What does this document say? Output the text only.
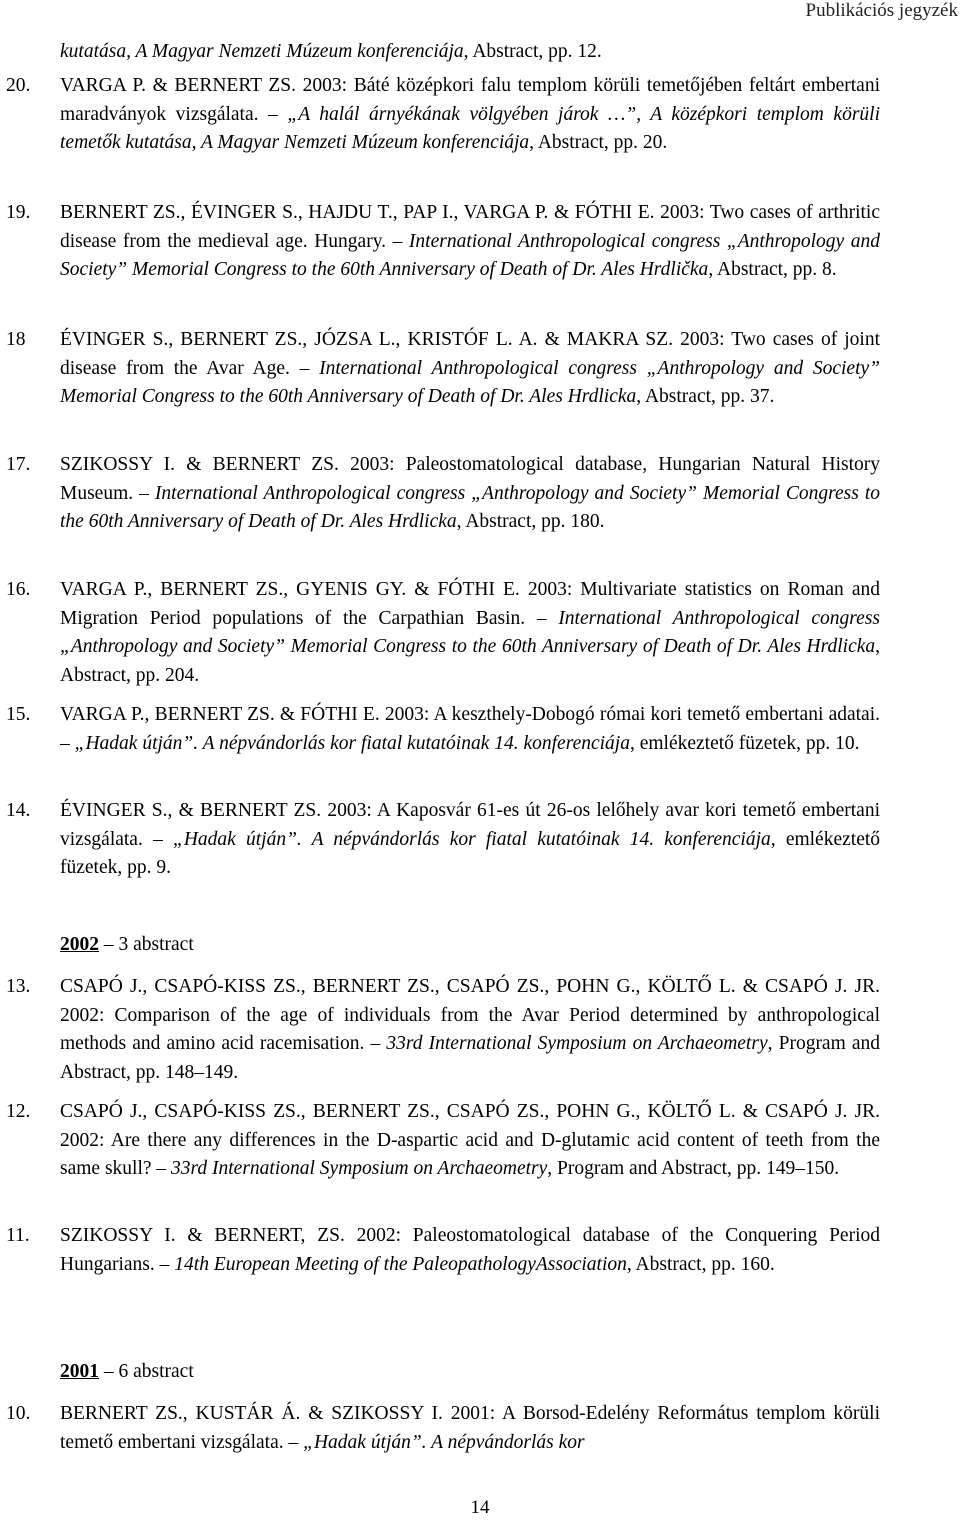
Publikációs jegyzék
kutatása, A Magyar Nemzeti Múzeum konferenciája, Abstract, pp. 12.
20.	VARGA P. & BERNERT ZS. 2003: Báté középkori falu templom körüli temetőjében feltárt embertani maradványok vizsgálata. – „A halál árnyékának völgyében járok …”, A középkori templom körüli temetők kutatása, A Magyar Nemzeti Múzeum konferenciája, Abstract, pp. 20.
19.	BERNERT ZS., ÉVINGER S., HAJDU T., PAP I., VARGA P. & FÓTHI E. 2003: Two cases of arthritic disease from the medieval age. Hungary. – International Anthropological congress „Anthropology and Society” Memorial Congress to the 60th Anniversary of Death of Dr. Ales Hrdlička, Abstract, pp. 8.
18	ÉVINGER S., BERNERT ZS., JÓZSA L., KRISTÓF L. A. & MAKRA SZ. 2003: Two cases of joint disease from the Avar Age. – International Anthropological congress „Anthropology and Society” Memorial Congress to the 60th Anniversary of Death of Dr. Ales Hrdlicka, Abstract, pp. 37.
17.	SZIKOSSY I. & BERNERT ZS. 2003: Paleostomatological database, Hungarian Natural History Museum. – International Anthropological congress „Anthropology and Society” Memorial Congress to the 60th Anniversary of Death of Dr. Ales Hrdlicka, Abstract, pp. 180.
16.	VARGA P., BERNERT ZS., GYENIS GY. & FÓTHI E. 2003: Multivariate statistics on Roman and Migration Period populations of the Carpathian Basin. – International Anthropological congress „Anthropology and Society” Memorial Congress to the 60th Anniversary of Death of Dr. Ales Hrdlicka, Abstract, pp. 204.
15.	VARGA P., BERNERT ZS. & FÓTHI E. 2003: A keszthely-Dobogó római kori temető embertani adatai. – „Hadak útján”. A népvándorlás kor fiatal kutatóinak 14. konferenciája, emlékeztető füzetek, pp. 10.
14.	ÉVINGER S., & BERNERT ZS. 2003: A Kaposvár 61-es út 26-os lelőhely avar kori temető embertani vizsgálata. – „Hadak útján”. A népvándorlás kor fiatal kutatóinak 14. konferenciája, emlékeztető füzetek, pp. 9.
2002 – 3 abstract
13.	CSAPÓ J., CSAPÓ-KISS ZS., BERNERT ZS., CSAPÓ ZS., POHN G., KÖLTŐ L. & CSAPÓ J. JR. 2002: Comparison of the age of individuals from the Avar Period determined by anthropological methods and amino acid racemisation. – 33rd International Symposium on Archaeometry, Program and Abstract, pp. 148–149.
12.	CSAPÓ J., CSAPÓ-KISS ZS., BERNERT ZS., CSAPÓ ZS., POHN G., KÖLTŐ L. & CSAPÓ J. JR. 2002: Are there any differences in the D-aspartic acid and D-glutamic acid content of teeth from the same skull? – 33rd International Symposium on Archaeometry, Program and Abstract, pp. 149–150.
11.	SZIKOSSY I. & BERNERT, ZS. 2002: Paleostomatological database of the Conquering Period Hungarians. – 14th European Meeting of the PaleopathologyAssociation, Abstract, pp. 160.
2001 – 6 abstract
10.	BERNERT ZS., KUSTÁR Á. & SZIKOSSY I. 2001: A Borsod-Edelény Református templom körüli temető embertani vizsgálata. – „Hadak útján”. A népvándorlás kor
14
